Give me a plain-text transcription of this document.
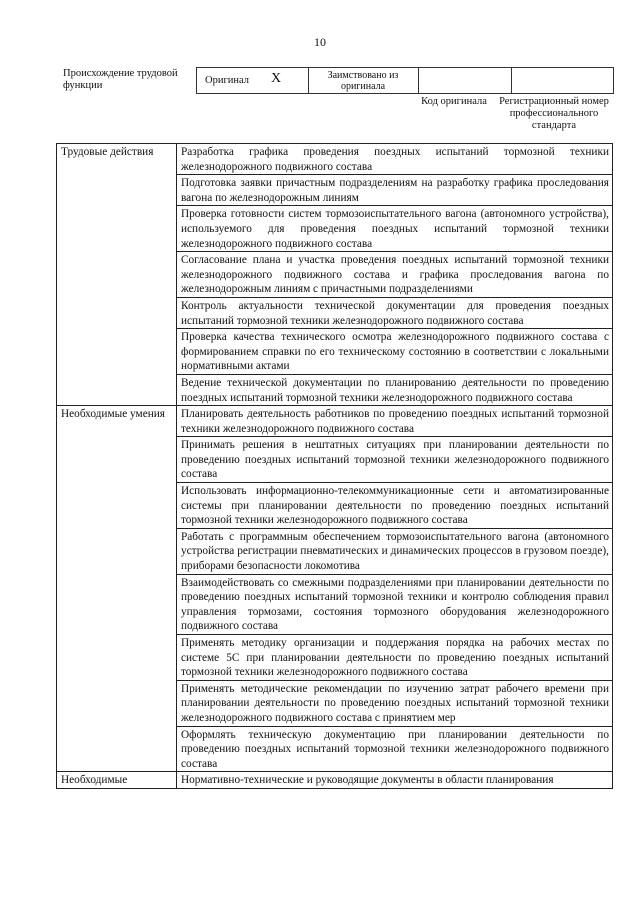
10
Происхождение трудовой функции	Оригинал X	Заимствовано из оригинала
Код оригинала	Регистрационный номер профессионального стандарта
Трудовые действия	Разработка графика проведения поездных испытаний тормозной техники железнодорожного подвижного состава
	Подготовка заявки причастным подразделениям на разработку графика проследования вагона по железнодорожным линиям
	Проверка готовности систем тормозоиспытательного вагона (автономного устройства), используемого для проведения поездных испытаний тормозной техники железнодорожного подвижного состава
	Согласование плана и участка проведения поездных испытаний тормозной техники железнодорожного подвижного состава и графика проследования вагона по железнодорожным линиям с причастными подразделениями
	Контроль актуальности технической документации для проведения поездных испытаний тормозной техники железнодорожного подвижного состава
	Проверка качества технического осмотра железнодорожного подвижного состава с формированием справки по его техническому состоянию в соответствии с локальными нормативными актами
	Ведение технической документации по планированию деятельности по проведению поездных испытаний тормозной техники железнодорожного подвижного состава
Необходимые умения	Планировать деятельность работников по проведению поездных испытаний тормозной техники железнодорожного подвижного состава
	Принимать решения в нештатных ситуациях при планировании деятельности по проведению поездных испытаний тормозной техники железнодорожного подвижного состава
	Использовать информационно-телекоммуникационные сети и автоматизированные системы при планировании деятельности по проведению поездных испытаний тормозной техники железнодорожного подвижного состава
	Работать с программным обеспечением тормозоиспытательного вагона (автономного устройства регистрации пневматических и динамических процессов в грузовом поезде), приборами безопасности локомотива
	Взаимодействовать со смежными подразделениями при планировании деятельности по проведению поездных испытаний тормозной техники и контролю соблюдения правил управления тормозами, состояния тормозного оборудования железнодорожного подвижного состава
	Применять методику организации и поддержания порядка на рабочих местах по системе 5С при планировании деятельности по проведению поездных испытаний тормозной техники железнодорожного подвижного состава
	Применять методические рекомендации по изучению затрат рабочего времени при планировании деятельности по проведению поездных испытаний тормозной техники железнодорожного подвижного состава с принятием мер
	Оформлять техническую документацию при планировании деятельности по проведению поездных испытаний тормозной техники железнодорожного подвижного состава
Необходимые	Нормативно-технические и руководящие документы в области планирования
